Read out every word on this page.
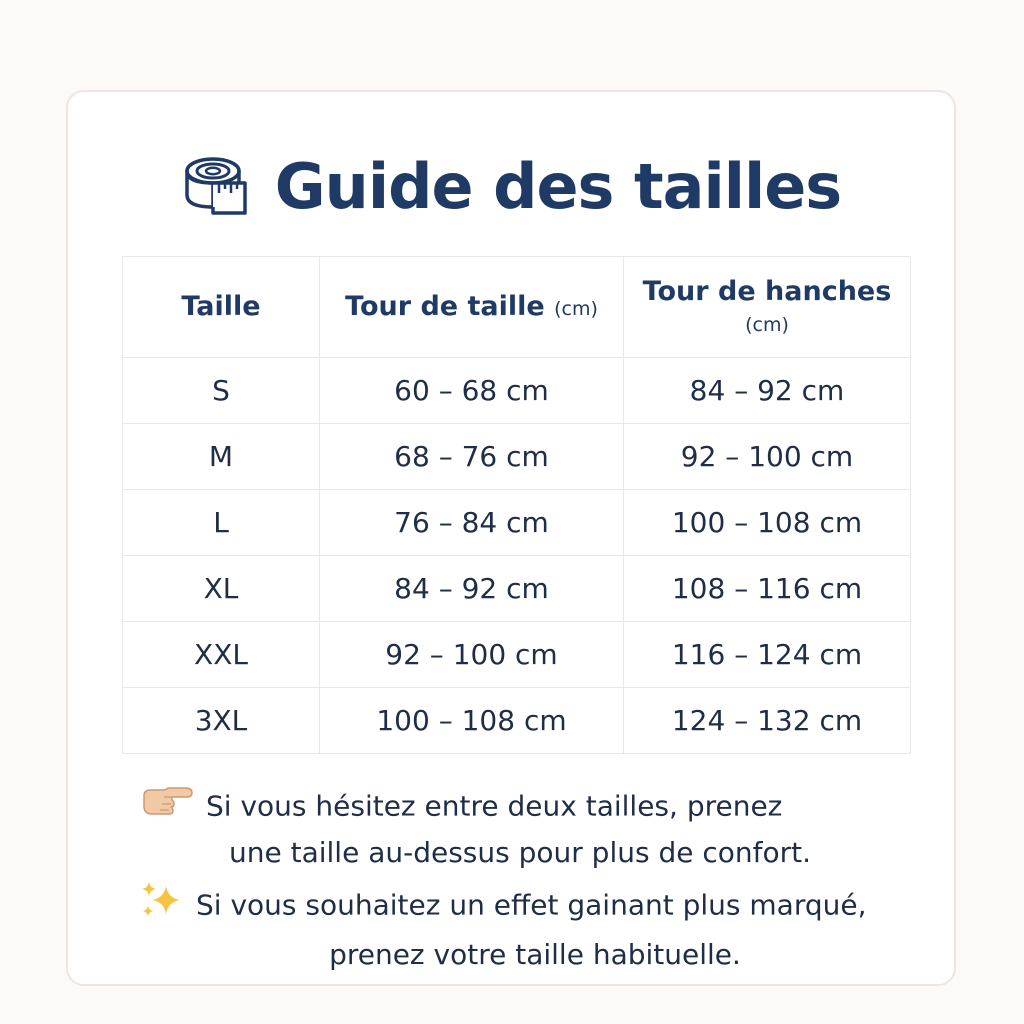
Guide des tailles
Taille	Tour de taille (cm)	Tour de hanches
(cm)
S	60 – 68 cm	84 – 92 cm
M	68 – 76 cm	92 – 100 cm
L	76 – 84 cm	100 – 108 cm
XL	84 – 92 cm	108 – 116 cm
XXL	92 – 100 cm	116 – 124 cm
3XL	100 – 108 cm	124 – 132 cm
Si vous hésitez entre deux tailles, prenez
une taille au-dessus pour plus de confort.
Si vous souhaitez un effet gainant plus marqué,
prenez votre taille habituelle.
